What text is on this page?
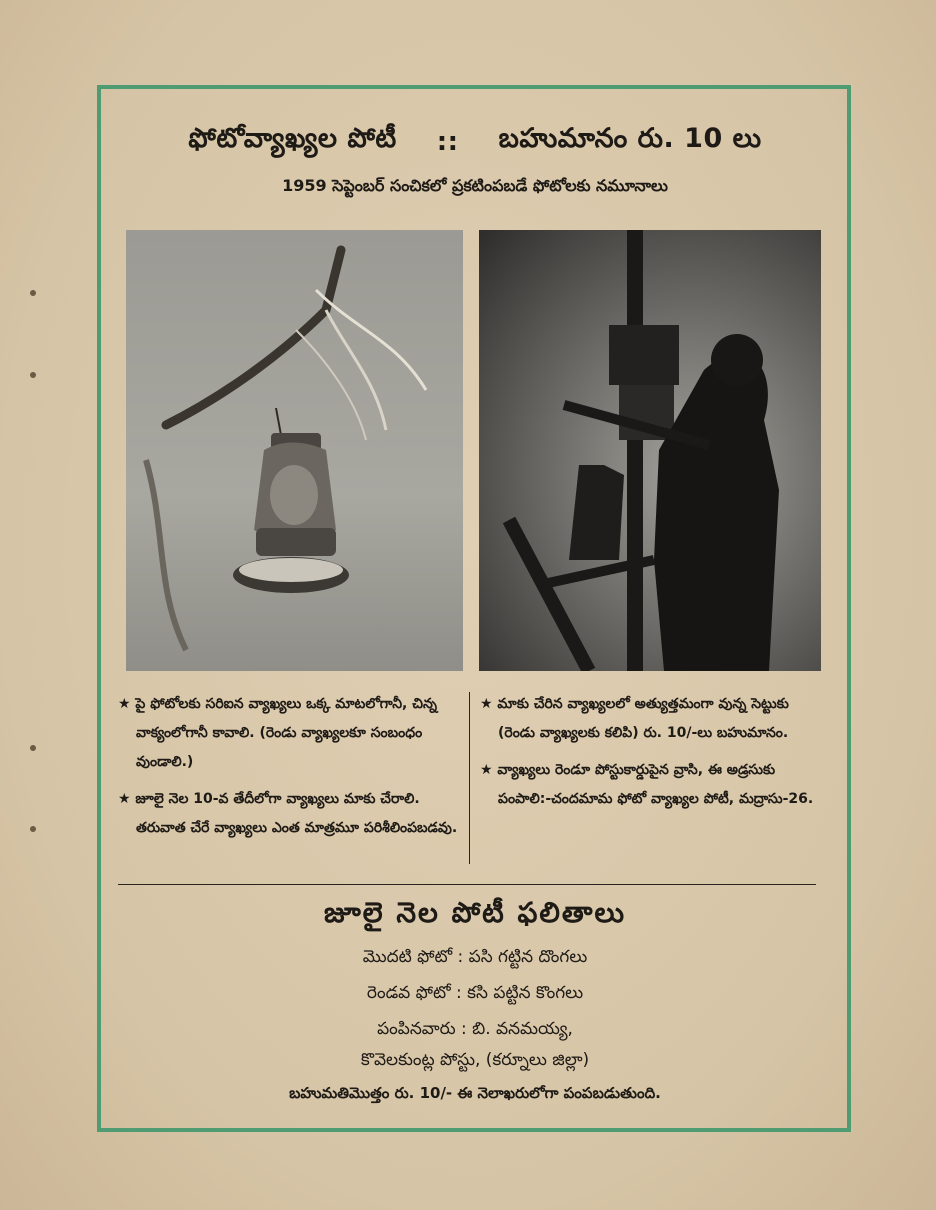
ఫోటోవ్యాఖ్యల పోటీ :: బహుమానం రు. 10 లు
1959 సెప్టెంబర్ సంచికలో ప్రకటింపబడే ఫోటోలకు నమూనాలు

★ పై ఫోటోలకు సరిఐన వ్యాఖ్యలు ఒక్క మాటలోగానీ, చిన్న వాక్యంలోగానీ కావాలి. (రెండు వ్యాఖ్యలకూ సంబంధం వుండాలి.)

★ జూలై నెల 10-వ తేదీలోగా వ్యాఖ్యలు మాకు చేరాలి. తరువాత చేరే వ్యాఖ్యలు ఎంత మాత్రమూ పరిశీలింపబడవు.

★ మాకు చేరిన వ్యాఖ్యలలో అత్యుత్తమంగా వున్న సెట్టుకు (రెండు వ్యాఖ్యలకు కలిపి) రు. 10/-లు బహుమానం.

★ వ్యాఖ్యలు రెండూ పోస్టుకార్డుపైన వ్రాసి, ఈ అడ్రసుకు పంపాలి:-చందమామ ఫోటో వ్యాఖ్యల పోటీ, మద్రాసు-26.

జూలై నెల పోటీ ఫలితాలు
మొదటి ఫోటో : పసి గట్టిన దొంగలు
రెండవ ఫోటో : కసి పట్టిన కొంగలు
పంపినవారు : బి. వనమయ్య,
కొవెలకుంట్ల పోస్టు, (కర్నూలు జిల్లా)
బహుమతిమొత్తం రు. 10/- ఈ నెలాఖరులోగా పంపబడుతుంది.
